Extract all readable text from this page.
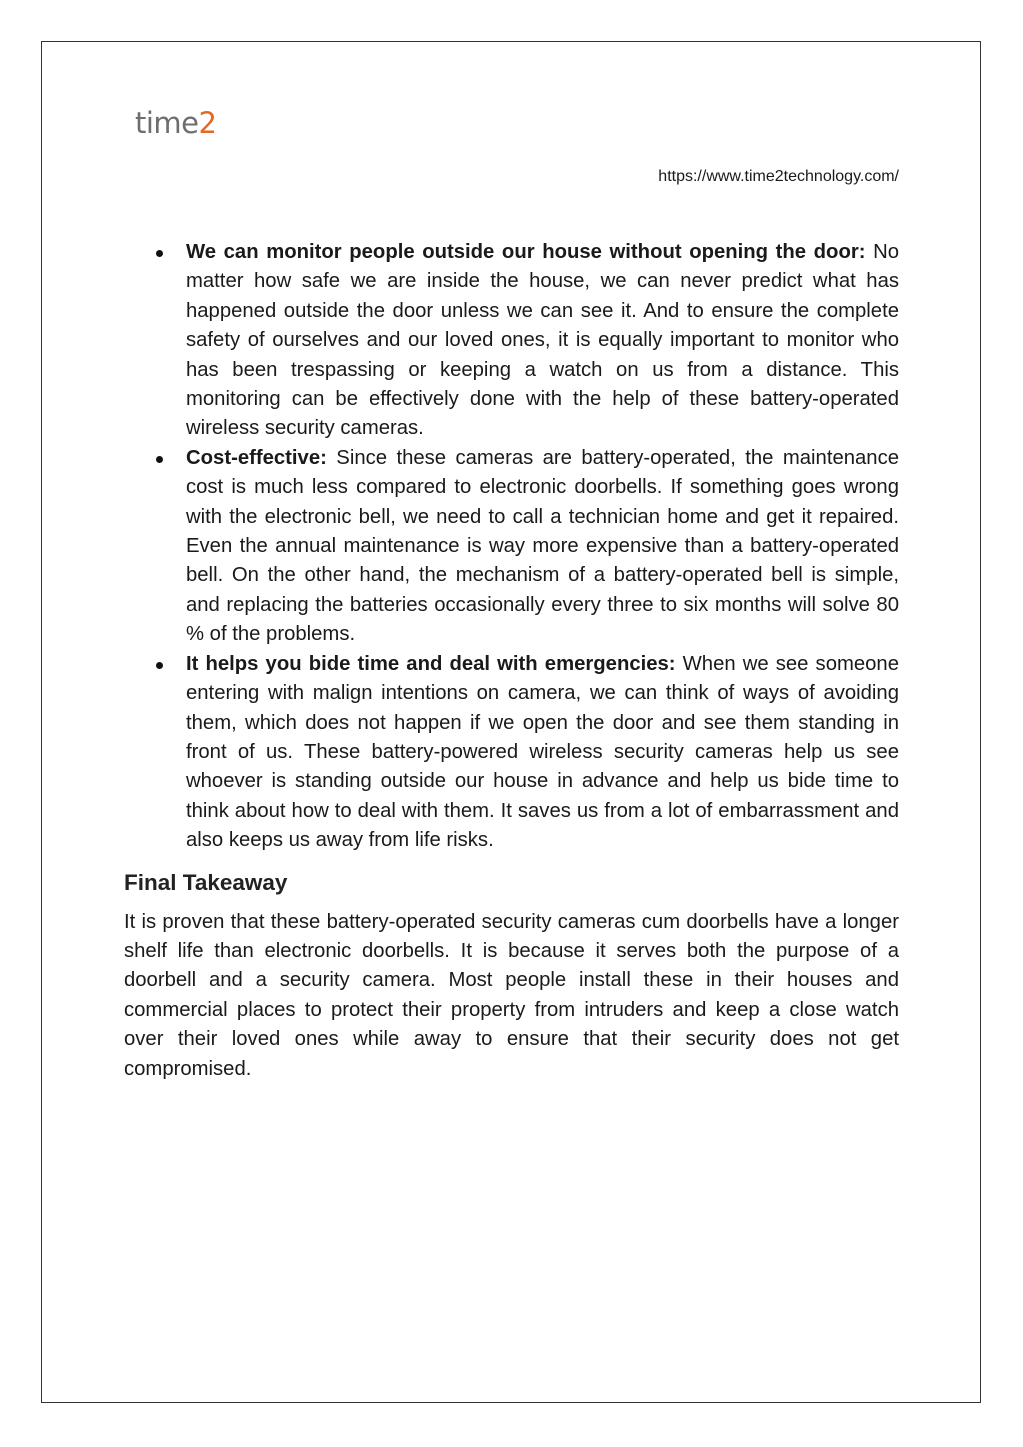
time 2
https://www.time2technology.com/
We can monitor people outside our house without opening the door: No matter how safe we are inside the house, we can never predict what has happened outside the door unless we can see it. And to ensure the complete safety of ourselves and our loved ones, it is equally important to monitor who has been trespassing or keeping a watch on us from a distance. This monitoring can be effectively done with the help of these battery-operated wireless security cameras.
Cost-effective: Since these cameras are battery-operated, the maintenance cost is much less compared to electronic doorbells. If something goes wrong with the electronic bell, we need to call a technician home and get it repaired. Even the annual maintenance is way more expensive than a battery-operated bell. On the other hand, the mechanism of a battery-operated bell is simple, and replacing the batteries occasionally every three to six months will solve 80 % of the problems.
It helps you bide time and deal with emergencies: When we see someone entering with malign intentions on camera, we can think of ways of avoiding them, which does not happen if we open the door and see them standing in front of us. These battery-powered wireless security cameras help us see whoever is standing outside our house in advance and help us bide time to think about how to deal with them. It saves us from a lot of embarrassment and also keeps us away from life risks.
Final Takeaway

It is proven that these battery-operated security cameras cum doorbells have a longer shelf life than electronic doorbells. It is because it serves both the purpose of a doorbell and a security camera. Most people install these in their houses and commercial places to protect their property from intruders and keep a close watch over their loved ones while away to ensure that their security does not get compromised.
